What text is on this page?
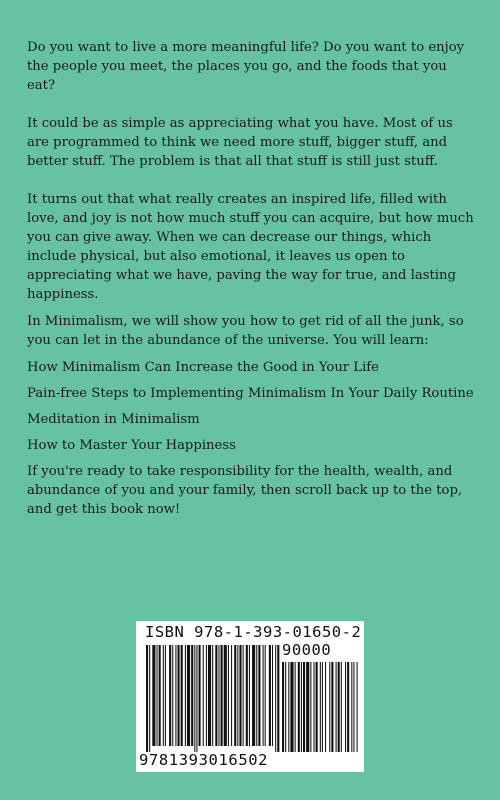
Do you want to live a more meaningful life? Do you want to enjoy the people you meet, the places you go, and the foods that you eat?

It could be as simple as appreciating what you have. Most of us are programmed to think we need more stuff, bigger stuff, and better stuff. The problem is that all that stuff is still just stuff.

It turns out that what really creates an inspired life, filled with love, and joy is not how much stuff you can acquire, but how much you can give away. When we can decrease our things, which include physical, but also emotional, it leaves us open to appreciating what we have, paving the way for true, and lasting happiness.

In Minimalism, we will show you how to get rid of all the junk, so you can let in the abundance of the universe. You will learn:

How Minimalism Can Increase the Good in Your Life

Pain-free Steps to Implementing Minimalism In Your Daily Routine

Meditation in Minimalism

How to Master Your Happiness

If you're ready to take responsibility for the health, wealth, and abundance of you and your family, then scroll back up to the top, and get this book now!

ISBN 978-1-393-01650-2
90000
9781393016502
